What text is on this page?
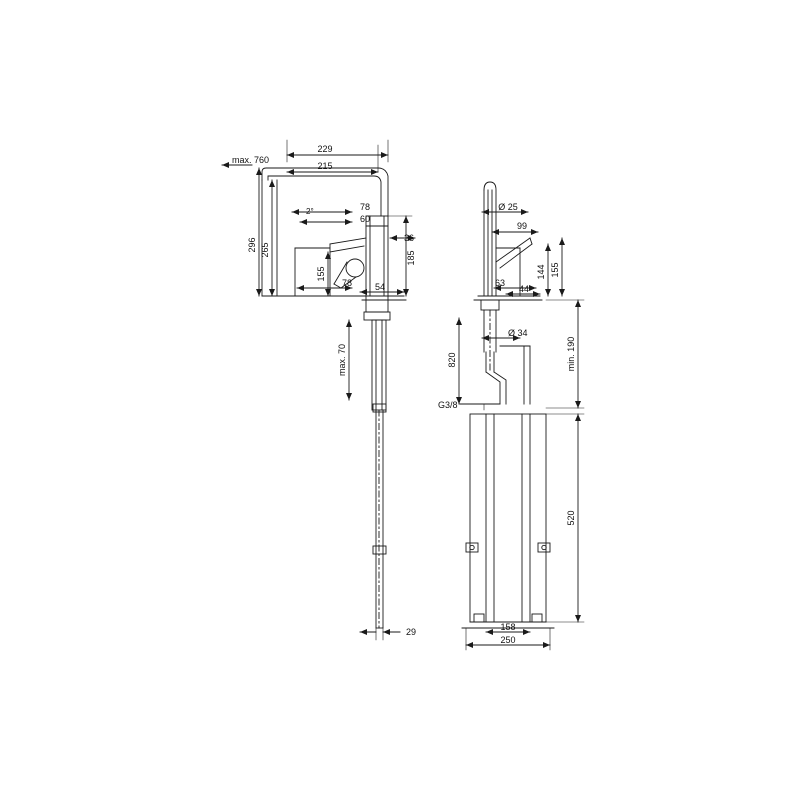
max. 760
229
215
296 265
78
60
2°
36
185
155
78	54
max. 70
29
Ø 25
99
144 155
63
44
Ø 34
820	min. 190
G3/8
520
158
250
